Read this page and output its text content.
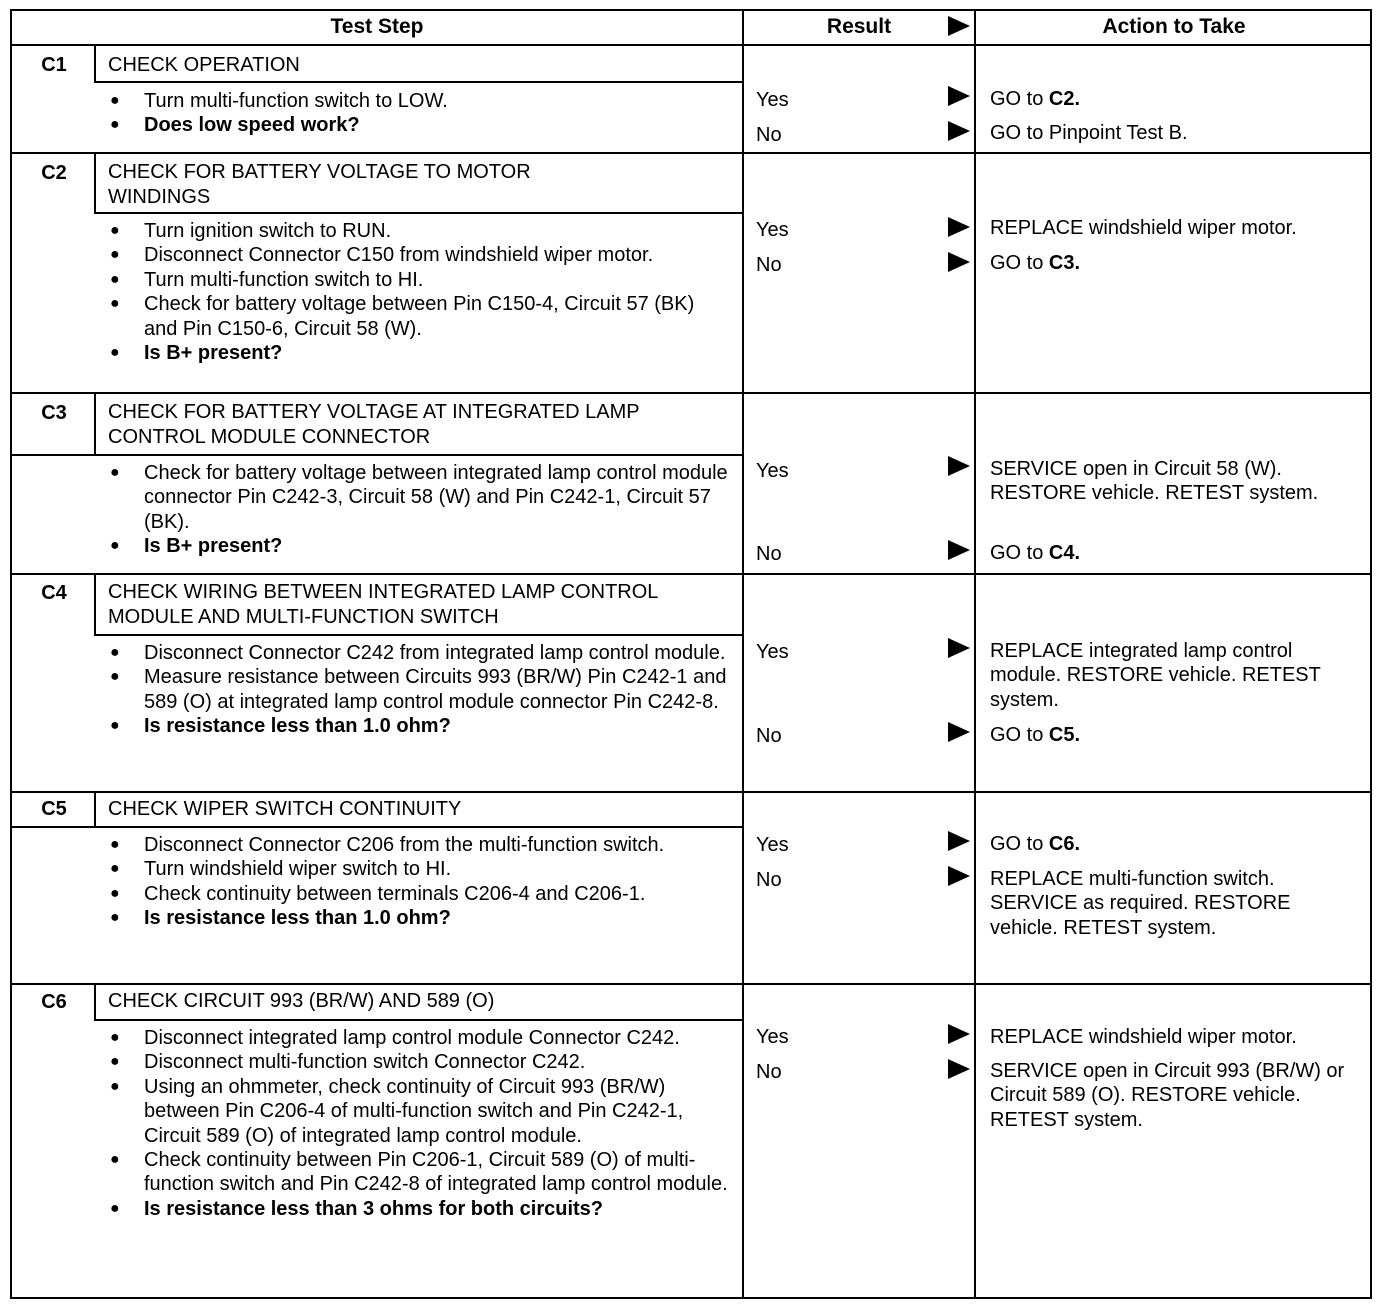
Test Step	Result	Action to Take
C1	CHECK OPERATION
● Turn multi-function switch to LOW.
● Does low speed work?
Yes	GO to C2.
No	GO to Pinpoint Test B.
C2	CHECK FOR BATTERY VOLTAGE TO MOTOR WINDINGS
● Turn ignition switch to RUN.
● Disconnect Connector C150 from windshield wiper motor.
● Turn multi-function switch to HI.
● Check for battery voltage between Pin C150-4, Circuit 57 (BK) and Pin C150-6, Circuit 58 (W).
● Is B+ present?
Yes	REPLACE windshield wiper motor.
No	GO to C3.
C3	CHECK FOR BATTERY VOLTAGE AT INTEGRATED LAMP CONTROL MODULE CONNECTOR
● Check for battery voltage between integrated lamp control module connector Pin C242-3, Circuit 58 (W) and Pin C242-1, Circuit 57 (BK).
● Is B+ present?
Yes	SERVICE open in Circuit 58 (W). RESTORE vehicle. RETEST system.
No	GO to C4.
C4	CHECK WIRING BETWEEN INTEGRATED LAMP CONTROL MODULE AND MULTI-FUNCTION SWITCH
● Disconnect Connector C242 from integrated lamp control module.
● Measure resistance between Circuits 993 (BR/W) Pin C242-1 and 589 (O) at integrated lamp control module connector Pin C242-8.
● Is resistance less than 1.0 ohm?
Yes	REPLACE integrated lamp control module. RESTORE vehicle. RETEST system.
No	GO to C5.
C5	CHECK WIPER SWITCH CONTINUITY
● Disconnect Connector C206 from the multi-function switch.
● Turn windshield wiper switch to HI.
● Check continuity between terminals C206-4 and C206-1.
● Is resistance less than 1.0 ohm?
Yes	GO to C6.
No	REPLACE multi-function switch. SERVICE as required. RESTORE vehicle. RETEST system.
C6	CHECK CIRCUIT 993 (BR/W) AND 589 (O)
● Disconnect integrated lamp control module Connector C242.
● Disconnect multi-function switch Connector C242.
● Using an ohmmeter, check continuity of Circuit 993 (BR/W) between Pin C206-4 of multi-function switch and Pin C242-1, Circuit 589 (O) of integrated lamp control module.
● Check continuity between Pin C206-1, Circuit 589 (O) of multi-function switch and Pin C242-8 of integrated lamp control module.
● Is resistance less than 3 ohms for both circuits?
Yes	REPLACE windshield wiper motor.
No	SERVICE open in Circuit 993 (BR/W) or Circuit 589 (O). RESTORE vehicle. RETEST system.
